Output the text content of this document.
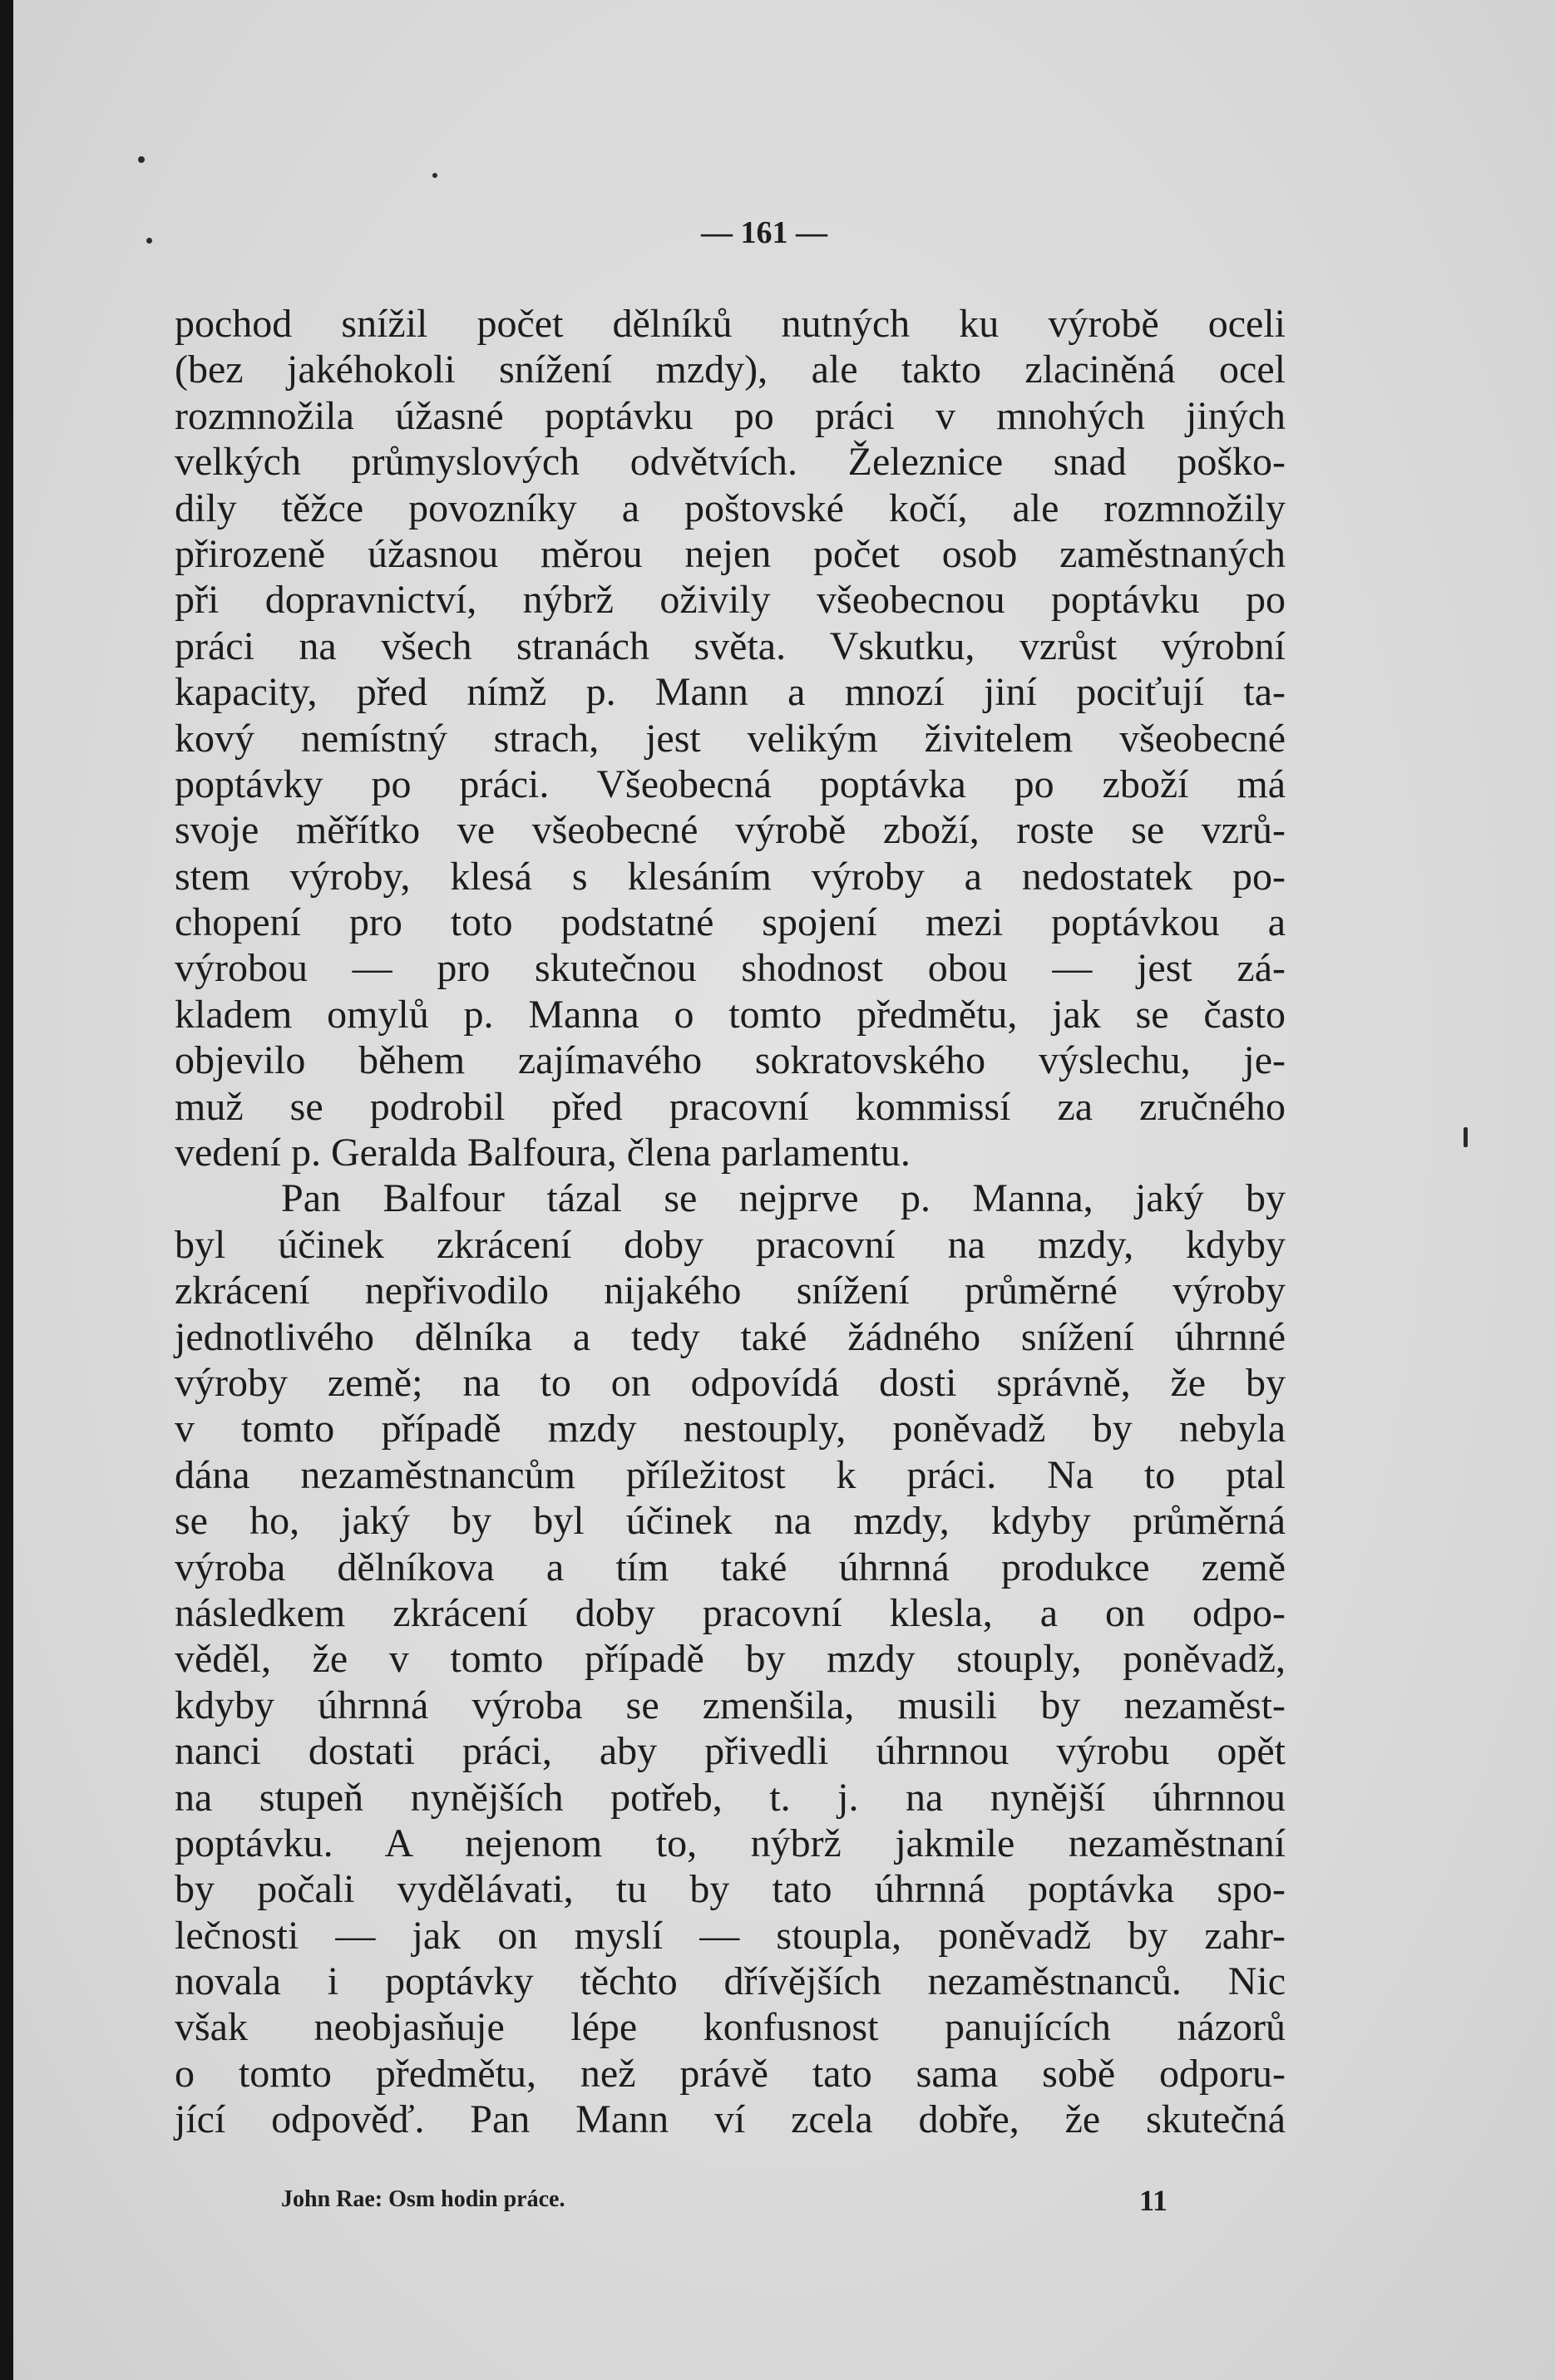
— 161 —
pochod snížil počet dělníků nutných ku výrobě oceli
(bez jakéhokoli snížení mzdy), ale takto zlaciněná ocel
rozmnožila úžasné poptávku po práci v mnohých jiných
velkých průmyslových odvětvích. Železnice snad poško-
dily těžce povozníky a poštovské kočí, ale rozmnožily
přirozeně úžasnou měrou nejen počet osob zaměstnaných
při dopravnictví, nýbrž oživily všeobecnou poptávku po
práci na všech stranách světa. Vskutku, vzrůst výrobní
kapacity, před nímž p. Mann a mnozí jiní pociťují ta-
kový nemístný strach, jest velikým živitelem všeobecné
poptávky po práci. Všeobecná poptávka po zboží má
svoje měřítko ve všeobecné výrobě zboží, roste se vzrů-
stem výroby, klesá s klesáním výroby a nedostatek po-
chopení pro toto podstatné spojení mezi poptávkou a
výrobou — pro skutečnou shodnost obou — jest zá-
kladem omylů p. Manna o tomto předmětu, jak se často
objevilo během zajímavého sokratovského výslechu, je-
muž se podrobil před pracovní kommissí za zručného
vedení p. Geralda Balfoura, člena parlamentu.
Pan Balfour tázal se nejprve p. Manna, jaký by
byl účinek zkrácení doby pracovní na mzdy, kdyby
zkrácení nepřivodilo nijakého snížení průměrné výroby
jednotlivého dělníka a tedy také žádného snížení úhrnné
výroby země; na to on odpovídá dosti správně, že by
v tomto případě mzdy nestouply, poněvadž by nebyla
dána nezaměstnancům příležitost k práci. Na to ptal
se ho, jaký by byl účinek na mzdy, kdyby průměrná
výroba dělníkova a tím také úhrnná produkce země
následkem zkrácení doby pracovní klesla, a on odpo-
věděl, že v tomto případě by mzdy stouply, poněvadž,
kdyby úhrnná výroba se zmenšila, musili by nezaměst-
nanci dostati práci, aby přivedli úhrnnou výrobu opět
na stupeň nynějších potřeb, t. j. na nynější úhrnnou
poptávku. A nejenom to, nýbrž jakmile nezaměstnaní
by počali vydělávati, tu by tato úhrnná poptávka spo-
lečnosti — jak on myslí — stoupla, poněvadž by zahr-
novala i poptávky těchto dřívějších nezaměstnanců. Nic
však neobjasňuje lépe konfusnost panujících názorů
o tomto předmětu, než právě tato sama sobě odporu-
jící odpověď. Pan Mann ví zcela dobře, že skutečná
John Rae: Osm hodin práce.	11
